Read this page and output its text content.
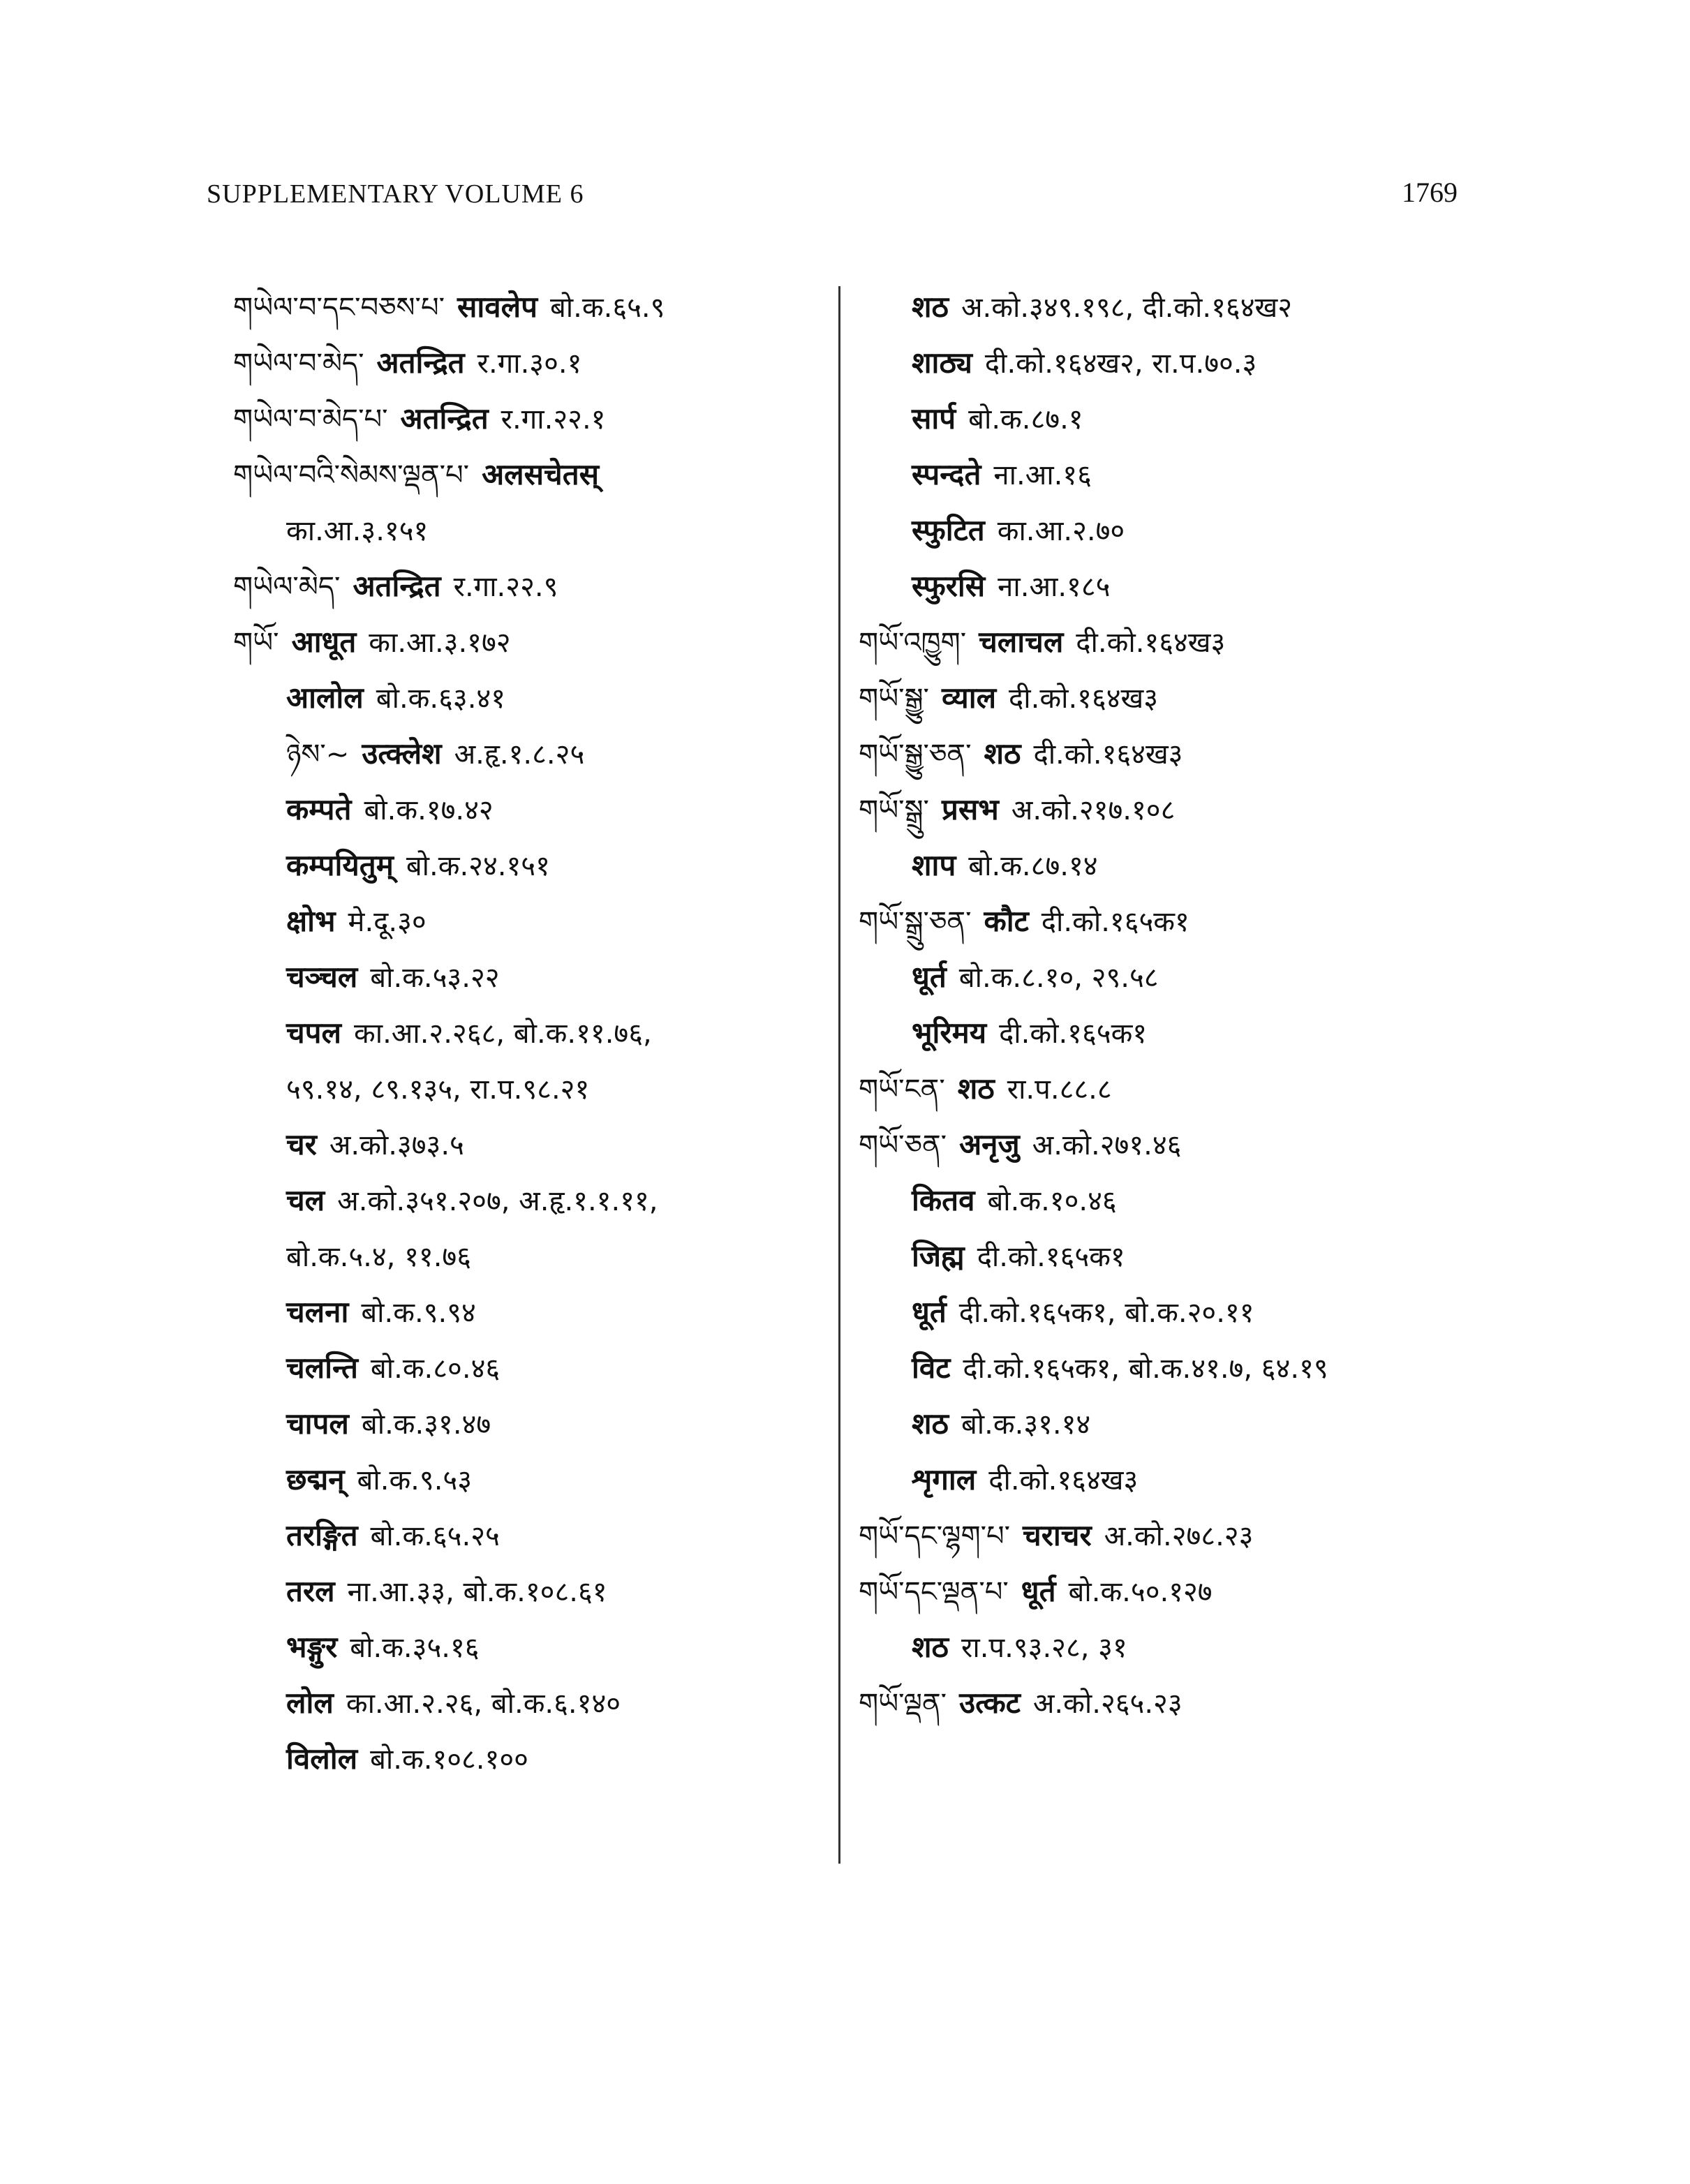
SUPPLEMENTARY VOLUME 6	1769
གཡེལ་བ་དང་བཅས་པ་ सावलेप बो.क.६५.९
གཡེལ་བ་མེད་ अतन्द्रित र.गा.३०.१
གཡེལ་བ་མེད་པ་ अतन्द्रित र.गा.२२.१
གཡེལ་བའི་སེམས་ལྡན་པ་ अलसचेतस्
का.आ.३.१५१
གཡེལ་མེད་ अतन्द्रित र.गा.२२.९
གཡོ་ आधूत का.आ.३.१७२
आलोल बो.क.६३.४१
ཉེས་~ उत्क्लेश अ.हृ.१.८.२५
कम्पते बो.क.१७.४२
कम्पयितुम् बो.क.२४.१५१
क्षोभ मे.दू.३०
चञ्चल बो.क.५३.२२
चपल का.आ.२.२६८, बो.क.११.७६,
५९.१४, ८९.१३५, रा.प.९८.२१
चर अ.को.३७३.५
चल अ.को.३५१.२०७, अ.हृ.१.१.११,
बो.क.५.४, ११.७६
चलना बो.क.९.९४
चलन्ति बो.क.८०.४६
चापल बो.क.३१.४७
छद्मन् बो.क.९.५३
तरङ्गित बो.क.६५.२५
तरल ना.आ.३३, बो.क.१०८.६१
भङ्गुर बो.क.३५.१६
लोल का.आ.२.२६, बो.क.६.१४०
विलोल बो.क.१०८.१००
शठ अ.को.३४९.१९८, दी.को.१६४ख२
शाठ्य दी.को.१६४ख२, रा.प.७०.३
सार्प बो.क.८७.१
स्पन्दते ना.आ.१६
स्फुटित का.आ.२.७०
स्फुरसि ना.आ.१८५
གཡོ་འཁྱུག་ चलाचल दी.को.१६४ख३
གཡོ་སྒྱུ་ व्याल दी.को.१६४ख३
གཡོ་སྒྱུ་ཅན་ शठ दी.को.१६४ख३
གཡོ་སྒྲུ་ प्रसभ अ.को.२१७.१०८
शाप बो.क.८७.१४
གཡོ་སྒྲུ་ཅན་ कौट दी.को.१६५क१
धूर्त बो.क.८.१०, २९.५८
भूरिमय दी.को.१६५क१
གཡོ་ངན་ शठ रा.प.८८.८
གཡོ་ཅན་ अनृजु अ.को.२७१.४६
कितव बो.क.१०.४६
जिह्म दी.को.१६५क१
धूर्त दी.को.१६५क१, बो.क.२०.११
विट दी.को.१६५क१, बो.क.४१.७, ६४.१९
शठ बो.क.३१.१४
शृगाल दी.को.१६४ख३
གཡོ་དང་ལྷག་པ་ चराचर अ.को.२७८.२३
གཡོ་དང་ལྡན་པ་ धूर्त बो.क.५०.१२७
शठ रा.प.९३.२८, ३१
གཡོ་ལྡན་ उत्कट अ.को.२६५.२३
